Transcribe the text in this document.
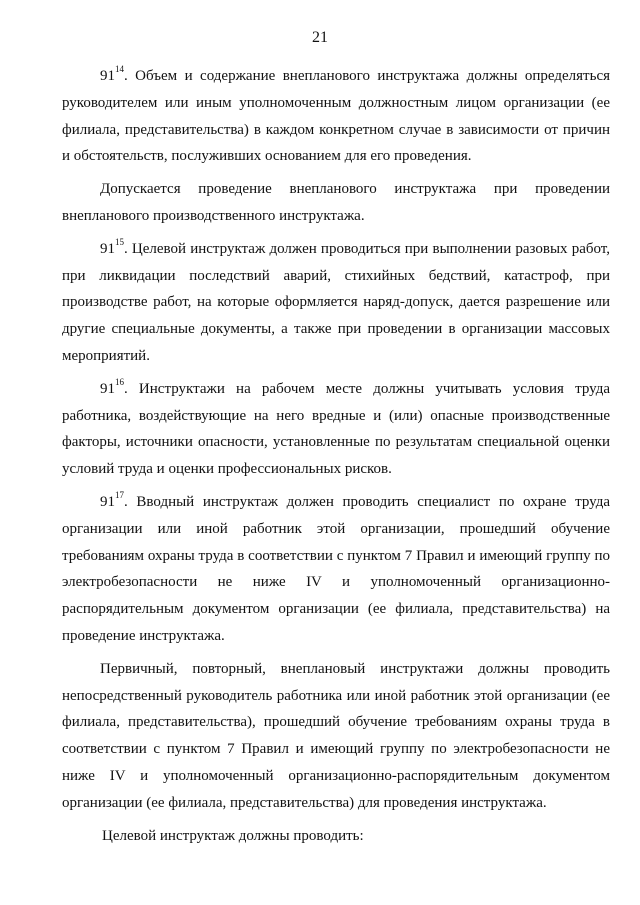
21

$91^{14}$. Объем и содержание внепланового инструктажа должны определяться руководителем или иным уполномоченным должностным лицом организации (ее филиала, представительства) в каждом конкретном случае в зависимости от причин и обстоятельств, послуживших основанием для его проведения.

Допускается проведение внепланового инструктажа при проведении внепланового производственного инструктажа.

$91^{15}$. Целевой инструктаж должен проводиться при выполнении разовых работ, при ликвидации последствий аварий, стихийных бедствий, катастроф, при производстве работ, на которые оформляется наряд-допуск, дается разрешение или другие специальные документы, а также при проведении в организации массовых мероприятий.

$91^{16}$. Инструктажи на рабочем месте должны учитывать условия труда работника, воздействующие на него вредные и (или) опасные производственные факторы, источники опасности, установленные по результатам специальной оценки условий труда и оценки профессиональных рисков.

$91^{17}$. Вводный инструктаж должен проводить специалист по охране труда организации или иной работник этой организации, прошедший обучение требованиям охраны труда в соответствии с пунктом 7 Правил и имеющий группу по электробезопасности не ниже IV и уполномоченный организационно-распорядительным документом организации (ее филиала, представительства) на проведение инструктажа.

Первичный, повторный, внеплановый инструктажи должны проводить непосредственный руководитель работника или иной работник этой организации (ее филиала, представительства), прошедший обучение требованиям охраны труда в соответствии с пунктом 7 Правил и имеющий группу по электробезопасности не ниже IV и уполномоченный организационно-распорядительным документом организации (ее филиала, представительства) для проведения инструктажа.

Целевой инструктаж должны проводить:
